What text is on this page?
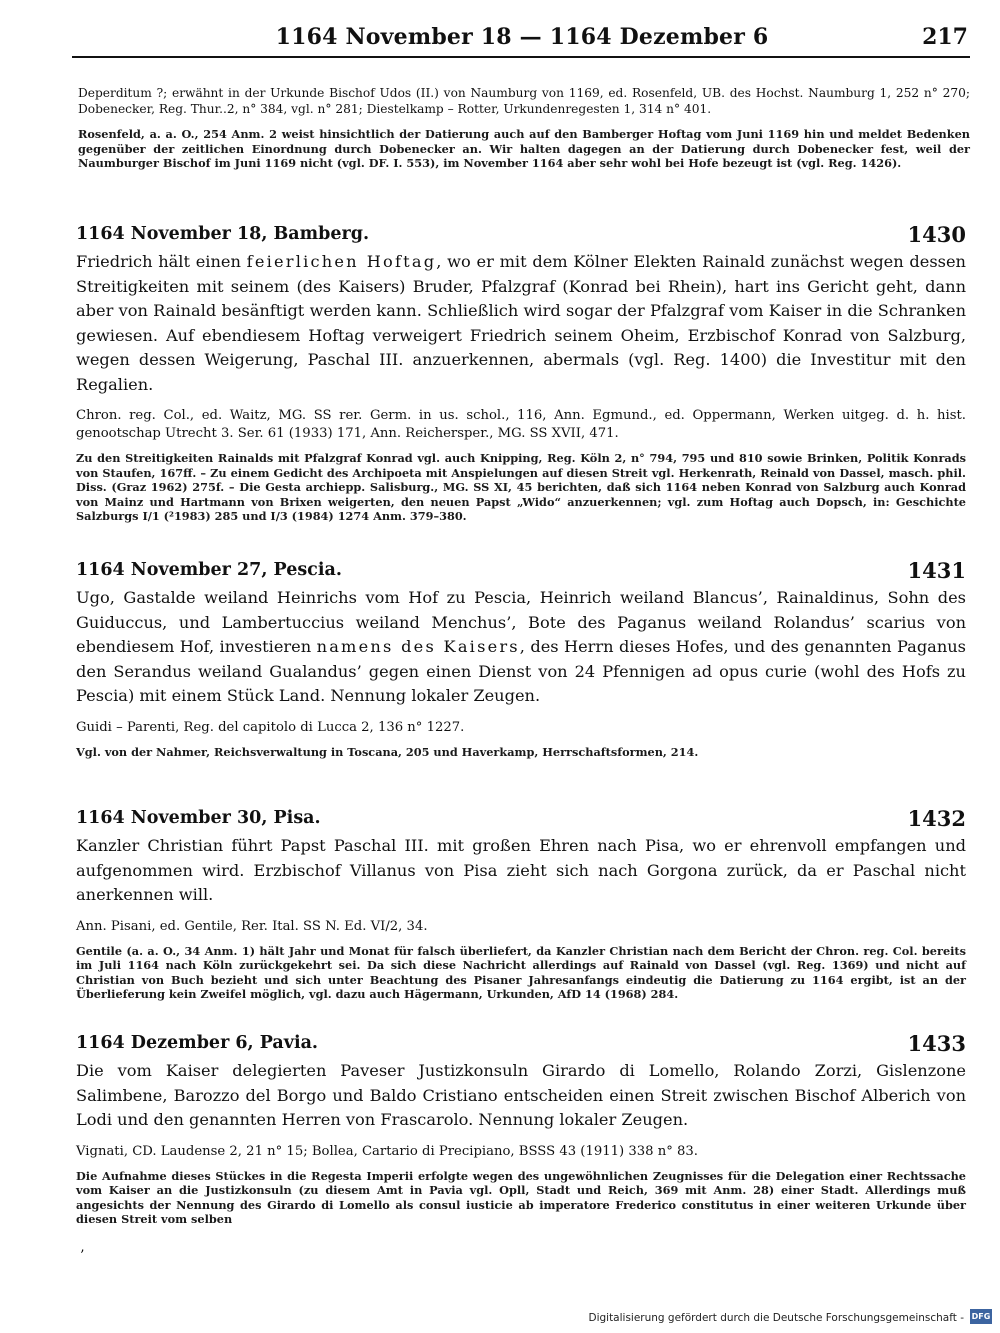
1164 November 18 — 1164 Dezember 6	217

Deperditum ?; erwähnt in der Urkunde Bischof Udos (II.) von Naumburg von 1169, ed. Rosenfeld, UB. des Hochst. Naumburg 1, 252 n° 270; Dobenecker, Reg. Thur..2, n° 384, vgl. n° 281; Diestelkamp – Rotter, Urkundenregesten 1, 314 n° 401.

Rosenfeld, a. a. O., 254 Anm. 2 weist hinsichtlich der Datierung auch auf den Bamberger Hoftag vom Juni 1169 hin und meldet Bedenken gegenüber der zeitlichen Einordnung durch Dobenecker an. Wir halten dagegen an der Datierung durch Dobenecker fest, weil der Naumburger Bischof im Juni 1169 nicht (vgl. DF. I. 553), im November 1164 aber sehr wohl bei Hofe bezeugt ist (vgl. Reg. 1426).

1164 November 18, Bamberg.	1430

Friedrich hält einen feierlichen Hoftag, wo er mit dem Kölner Elekten Rainald zunächst wegen dessen Streitigkeiten mit seinem (des Kaisers) Bruder, Pfalzgraf (Konrad bei Rhein), hart ins Gericht geht, dann aber von Rainald besänftigt werden kann. Schließlich wird sogar der Pfalzgraf vom Kaiser in die Schranken gewiesen. Auf ebendiesem Hoftag verweigert Friedrich seinem Oheim, Erzbischof Konrad von Salzburg, wegen dessen Weigerung, Paschal III. anzuerkennen, abermals (vgl. Reg. 1400) die Investitur mit den Regalien.

Chron. reg. Col., ed. Waitz, MG. SS rer. Germ. in us. schol., 116, Ann. Egmund., ed. Oppermann, Werken uitgeg. d. h. hist. genootschap Utrecht 3. Ser. 61 (1933) 171, Ann. Reichersper., MG. SS XVII, 471.

Zu den Streitigkeiten Rainalds mit Pfalzgraf Konrad vgl. auch Knipping, Reg. Köln 2, n° 794, 795 und 810 sowie Brinken, Politik Konrads von Staufen, 167ff. – Zu einem Gedicht des Archipoeta mit Anspielungen auf diesen Streit vgl. Herkenrath, Reinald von Dassel, masch. phil. Diss. (Graz 1962) 275f. – Die Gesta archiepp. Salisburg., MG. SS XI, 45 berichten, daß sich 1164 neben Konrad von Salzburg auch Konrad von Mainz und Hartmann von Brixen weigerten, den neuen Papst „Wido“ anzuerkennen; vgl. zum Hoftag auch Dopsch, in: Geschichte Salzburgs I/1 (²1983) 285 und I/3 (1984) 1274 Anm. 379–380.

1164 November 27, Pescia.	1431

Ugo, Gastalde weiland Heinrichs vom Hof zu Pescia, Heinrich weiland Blancus’, Rainaldinus, Sohn des Guiduccus, und Lambertuccius weiland Menchus’, Bote des Paganus weiland Rolandus’ scarius von ebendiesem Hof, investieren namens des Kaisers, des Herrn dieses Hofes, und des genannten Paganus den Serandus weiland Gualandus’ gegen einen Dienst von 24 Pfennigen ad opus curie (wohl des Hofs zu Pescia) mit einem Stück Land. Nennung lokaler Zeugen.

Guidi – Parenti, Reg. del capitolo di Lucca 2, 136 n° 1227.

Vgl. von der Nahmer, Reichsverwaltung in Toscana, 205 und Haverkamp, Herrschaftsformen, 214.

1164 November 30, Pisa.	1432

Kanzler Christian führt Papst Paschal III. mit großen Ehren nach Pisa, wo er ehrenvoll empfangen und aufgenommen wird. Erzbischof Villanus von Pisa zieht sich nach Gorgona zurück, da er Paschal nicht anerkennen will.

Ann. Pisani, ed. Gentile, Rer. Ital. SS N. Ed. VI/2, 34.

Gentile (a. a. O., 34 Anm. 1) hält Jahr und Monat für falsch überliefert, da Kanzler Christian nach dem Bericht der Chron. reg. Col. bereits im Juli 1164 nach Köln zurückgekehrt sei. Da sich diese Nachricht allerdings auf Rainald von Dassel (vgl. Reg. 1369) und nicht auf Christian von Buch bezieht und sich unter Beachtung des Pisaner Jahresanfangs eindeutig die Datierung zu 1164 ergibt, ist an der Überlieferung kein Zweifel möglich, vgl. dazu auch Hägermann, Urkunden, AfD 14 (1968) 284.

1164 Dezember 6, Pavia.	1433

Die vom Kaiser delegierten Paveser Justizkonsuln Girardo di Lomello, Rolando Zorzi, Gislenzone Salimbene, Barozzo del Borgo und Baldo Cristiano entscheiden einen Streit zwischen Bischof Alberich von Lodi und den genannten Herren von Frascarolo. Nennung lokaler Zeugen.

Vignati, CD. Laudense 2, 21 n° 15; Bollea, Cartario di Precipiano, BSSS 43 (1911) 338 n° 83.

Die Aufnahme dieses Stückes in die Regesta Imperii erfolgte wegen des ungewöhnlichen Zeugnisses für die Delegation einer Rechtssache vom Kaiser an die Justizkonsuln (zu diesem Amt in Pavia vgl. Opll, Stadt und Reich, 369 mit Anm. 28) einer Stadt. Allerdings muß angesichts der Nennung des Girardo di Lomello als consul iusticie ab imperatore Frederico constitutus in einer weiteren Urkunde über diesen Streit vom selben

’
Digitalisierung gefördert durch die Deutsche Forschungsgemeinschaft - DFG
